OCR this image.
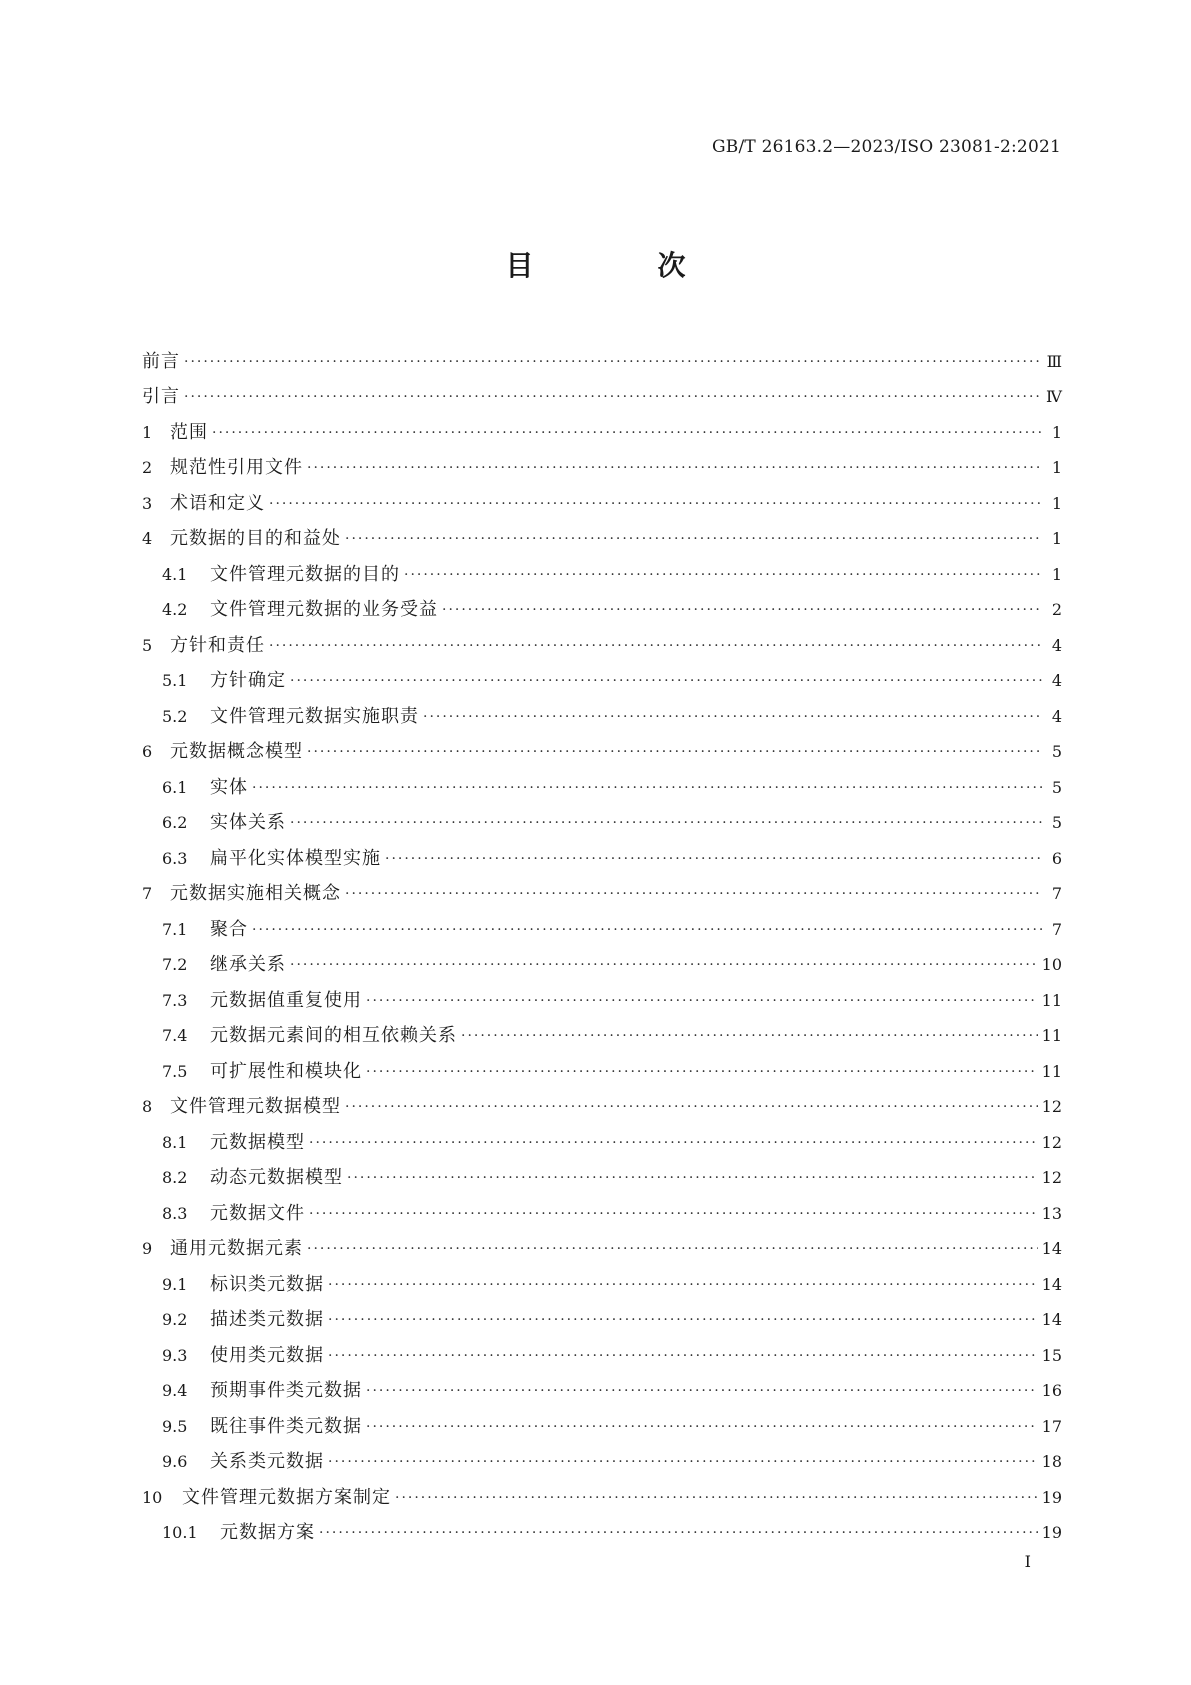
GB/T 26163.2—2023/ISO 23081-2:2021
目　次
前言 ·····	Ⅲ
引言 ·····	Ⅳ
1 范围 ·····	1
2 规范性引用文件 ·····	1
3 术语和定义 ·····	1
4 元数据的目的和益处 ·····	1
4.1	文件管理元数据的目的 ·····	1
4.2	文件管理元数据的业务受益 ·····	2
5 方针和责任 ·····	4
5.1	方针确定 ·····	4
5.2	文件管理元数据实施职责 ·····	4
6 元数据概念模型 ·····	5
6.1	实体 ·····	5
6.2	实体关系 ·····	5
6.3	扁平化实体模型实施 ·····	6
7 元数据实施相关概念 ·····	7
7.1	聚合 ·····	7
7.2	继承关系 ·····	10
7.3	元数据值重复使用 ·····	11
7.4	元数据元素间的相互依赖关系 ·····	11
7.5	可扩展性和模块化 ·····	11
8 文件管理元数据模型 ·····	12
8.1	元数据模型 ·····	12
8.2	动态元数据模型 ·····	12
8.3	元数据文件 ·····	13
9 通用元数据元素 ·····	14
9.1	标识类元数据 ·····	14
9.2	描述类元数据 ·····	14
9.3	使用类元数据 ·····	15
9.4	预期事件类元数据 ·····	16
9.5	既往事件类元数据 ·····	17
9.6	关系类元数据 ·····	18
10	文件管理元数据方案制定 ·····	19
10.1	元数据方案 ·····	19
I
